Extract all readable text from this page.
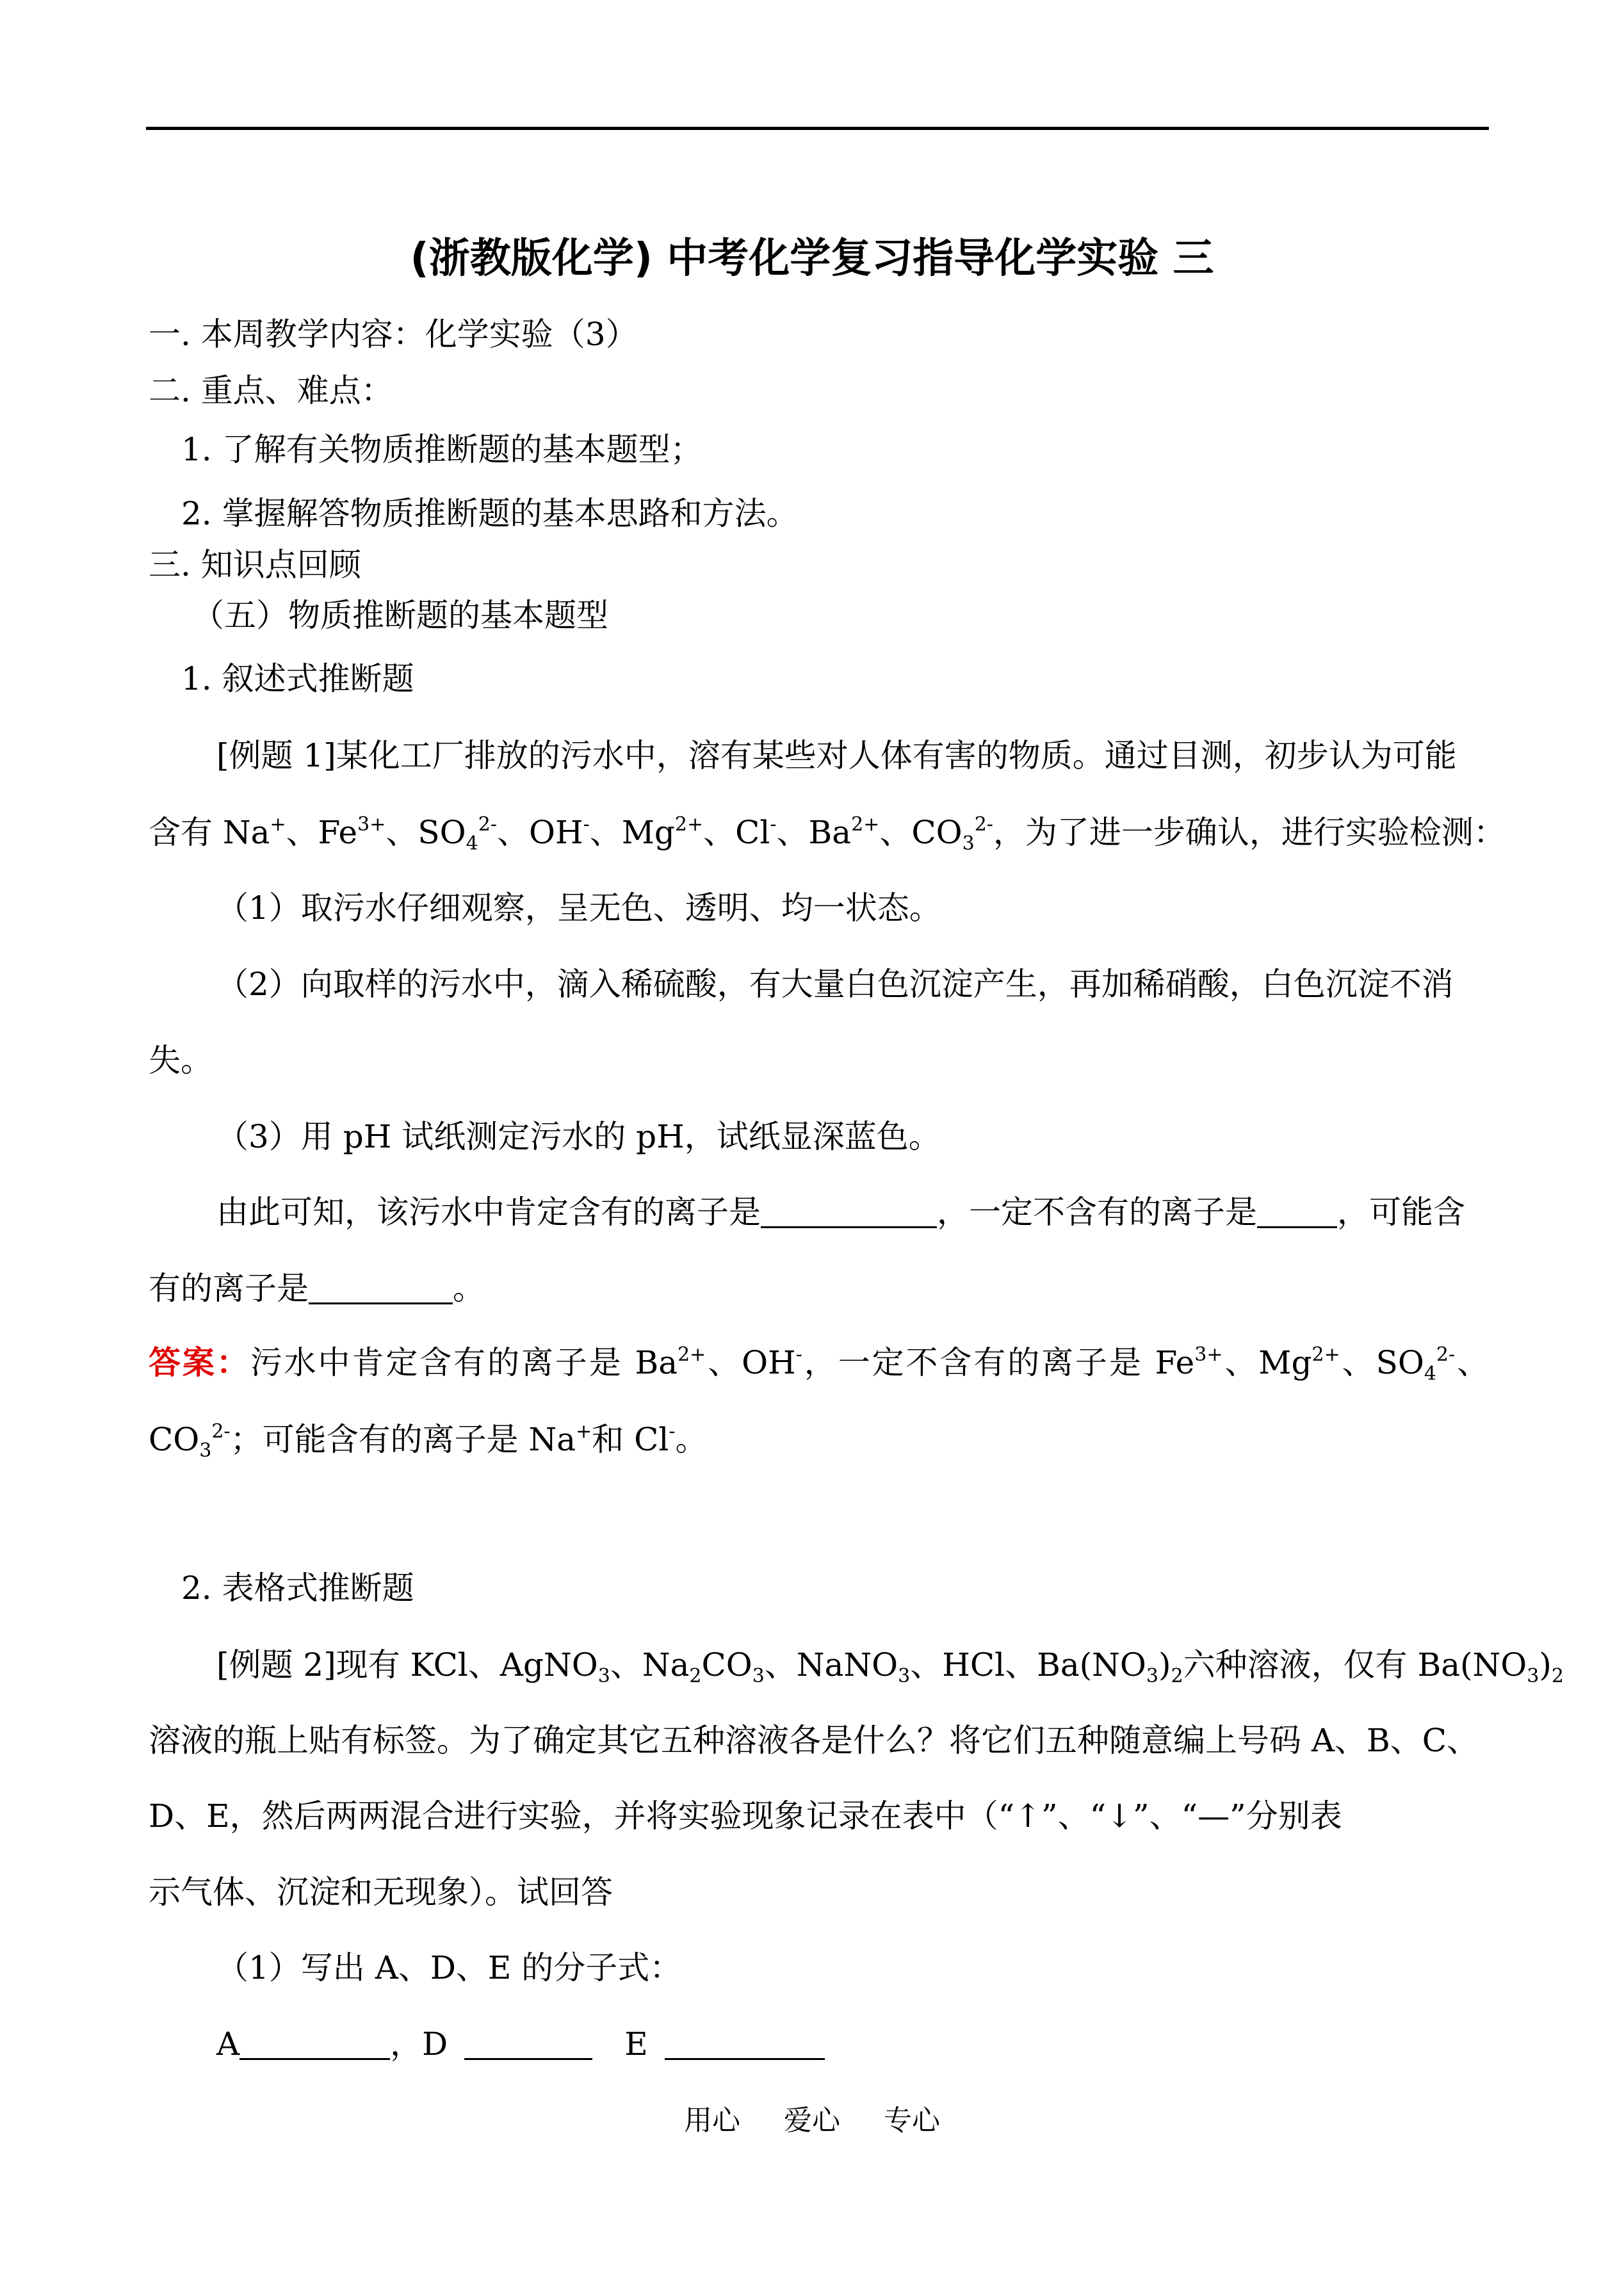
(浙教版化学) 中考化学复习指导化学实验 三
一. 本周教学内容：化学实验（3）
二. 重点、难点：
1. 了解有关物质推断题的基本题型；
2. 掌握解答物质推断题的基本思路和方法。
三. 知识点回顾
（五）物质推断题的基本题型
1. 叙述式推断题
[例题 1]某化工厂排放的污水中，溶有某些对人体有害的物质。通过目测，初步认为可能
含有 Na+、$Fe^{3+}$、$SO_4^{2-}$、OH-、$Mg^{2+}$、Cl-、$Ba^{2+}$、$CO_3^{2-}$，为了进一步确认，进行实验检测：
（1）取污水仔细观察，呈无色、透明、均一状态。
（2）向取样的污水中，滴入稀硫酸，有大量白色沉淀产生，再加稀硝酸，白色沉淀不消
失。
（3）用 pH 试纸测定污水的 pH，试纸显深蓝色。
由此可知，该污水中肯定含有的离子是	，一定不含有的离子是	，可能含
有的离子是	。
答案：污水中肯定含有的离子是 $Ba^{2+}$、OH-，一定不含有的离子是 $Fe^{3+}$、$Mg^{2+}$、$SO_4^{2-}$、
$CO_3^{2-}$；可能含有的离子是 Na+和 Cl-。
2. 表格式推断题
[例题 2]现有 KCl、AgNO$_3$、$Na_2CO_3$、NaNO$_3$、HCl、$Ba(NO_3)_2$六种溶液，仅有 $Ba(NO_3)_2$
溶液的瓶上贴有标签。为了确定其它五种溶液各是什么？将它们五种随意编上号码 A、B、C、
D、E，然后两两混合进行实验，并将实验现象记录在表中（“↑”、“↓”、“—”分别表
示气体、沉淀和无现象）。试回答
（1）写出 A、D、E 的分子式：
A	，D	E
用心 爱心 专心
